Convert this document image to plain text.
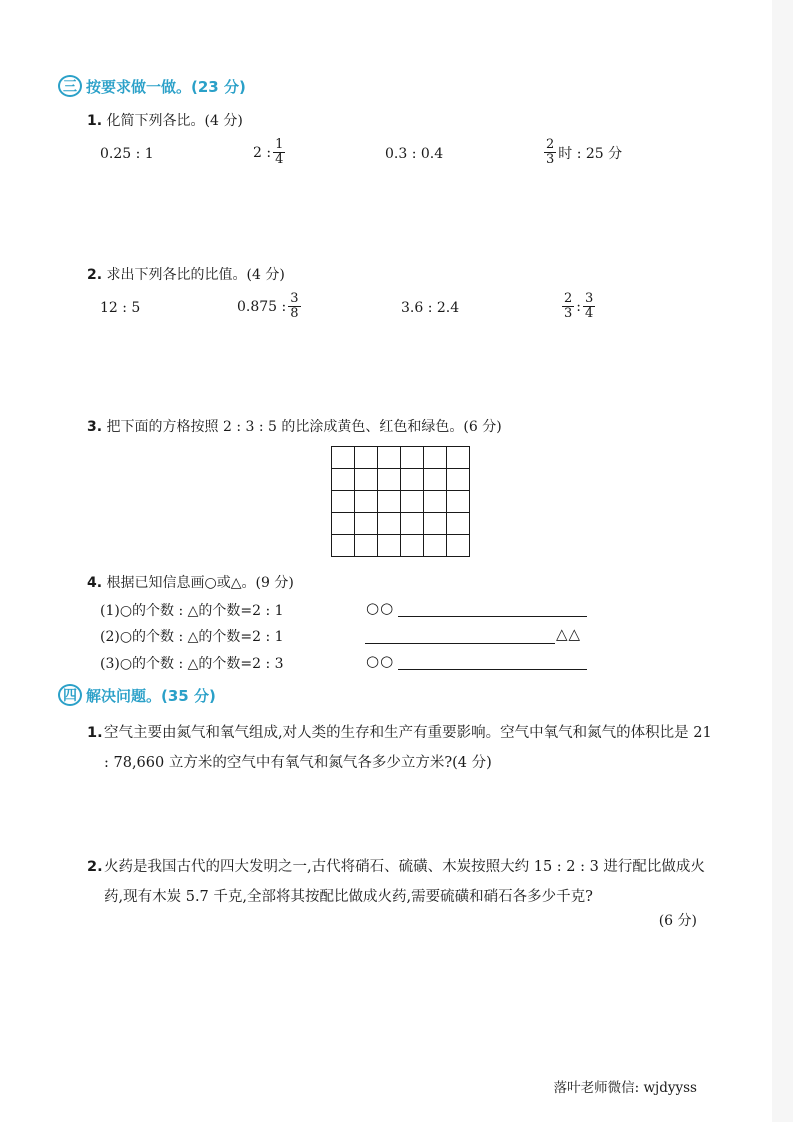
三 按要求做一做。(23 分)
1. 化简下列各比。(4 分)
0.25 : 1	2 : $\frac{1}{4}$	0.3 : 0.4	$\frac{2}{3}$ 时 : 25 分
2. 求出下列各比的比值。(4 分)
12 : 5	0.875 : $\frac{3}{8}$	3.6 : 2.4	$\frac{2}{3}$ : $\frac{3}{4}$
3. 把下面的方格按照 2 : 3 : 5 的比涂成黄色、红色和绿色。(6 分)

4. 根据已知信息画○或△。(9 分)
(1)○的个数 : △的个数=2 : 1	○○
(2)○的个数 : △的个数=2 : 1	△△
(3)○的个数 : △的个数=2 : 3	○○
四 解决问题。(35 分)
1. 空气主要由氮气和氧气组成,对人类的生存和生产有重要影响。空气中氧气和氮气的体积比是 21 : 78,660 立方米的空气中有氧气和氮气各多少立方米?(4 分)
2. 火药是我国古代的四大发明之一,古代将硝石、硫磺、木炭按照大约 15 : 2 : 3 进行配比做成火药,现有木炭 5.7 千克,全部将其按配比做成火药,需要硫磺和硝石各多少千克?
(6 分)
落叶老师微信: wjdyyss
